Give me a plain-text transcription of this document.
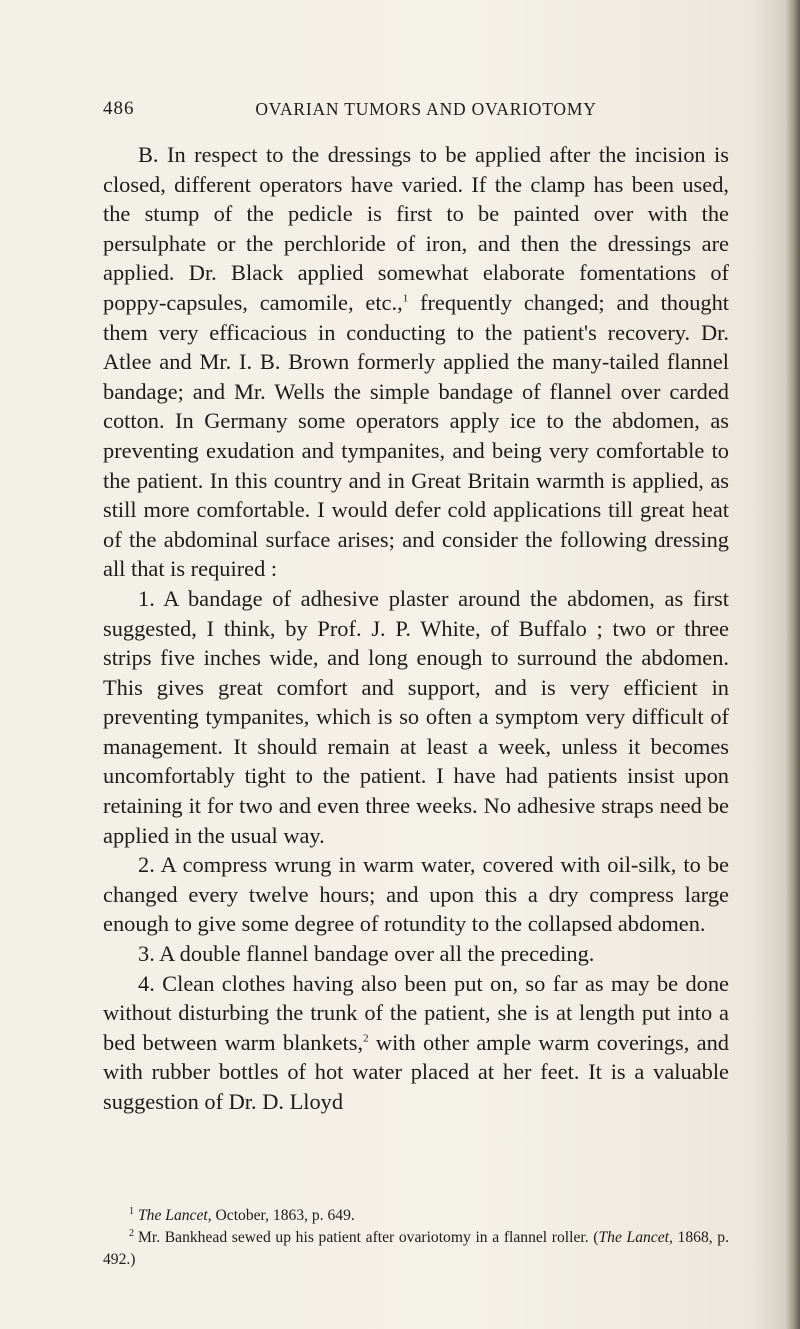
486	OVARIAN TUMORS AND OVARIOTOMY

B. In respect to the dressings to be applied after the incision is closed, different operators have varied. If the clamp has been used, the stump of the pedicle is first to be painted over with the persulphate or the perchloride of iron, and then the dressings are applied. Dr. Black applied somewhat elaborate fomentations of poppy-capsules, camomile, etc.,$^1$ frequently changed; and thought them very efficacious in conducting to the patient's recovery. Dr. Atlee and Mr. I. B. Brown formerly applied the many-tailed flannel bandage; and Mr. Wells the simple bandage of flannel over carded cotton. In Germany some operators apply ice to the abdomen, as preventing exudation and tympanites, and being very comfortable to the patient. In this country and in Great Britain warmth is applied, as still more comfortable. I would defer cold applications till great heat of the abdominal surface arises; and consider the following dressing all that is required :

1. A bandage of adhesive plaster around the abdomen, as first suggested, I think, by Prof. J. P. White, of Buffalo ; two or three strips five inches wide, and long enough to surround the abdomen. This gives great comfort and support, and is very efficient in preventing tympanites, which is so often a symptom very difficult of management. It should remain at least a week, unless it becomes uncomfortably tight to the patient. I have had patients insist upon retaining it for two and even three weeks. No adhesive straps need be applied in the usual way.

2. A compress wrung in warm water, covered with oil-silk, to be changed every twelve hours; and upon this a dry compress large enough to give some degree of rotundity to the collapsed abdomen.

3. A double flannel bandage over all the preceding.

4. Clean clothes having also been put on, so far as may be done without disturbing the trunk of the patient, she is at length put into a bed between warm blankets,$^2$ with other ample warm coverings, and with rubber bottles of hot water placed at her feet. It is a valuable suggestion of Dr. D. Lloyd

$^1$ The Lancet, October, 1863, p. 649.

$^2$ Mr. Bankhead sewed up his patient after ovariotomy in a flannel roller. (The Lancet, 1868, p. 492.)
